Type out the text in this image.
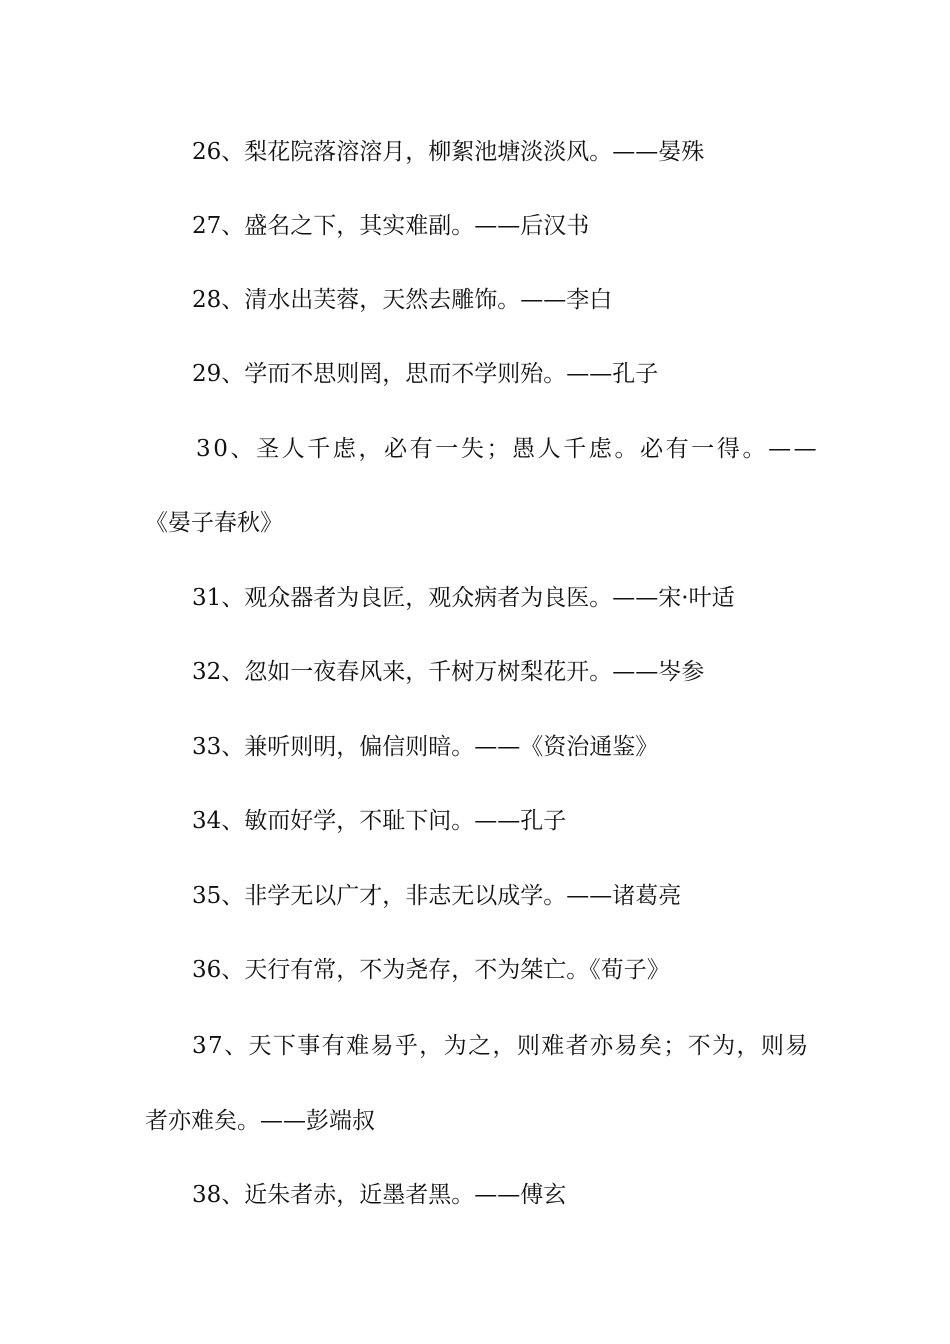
26、梨花院落溶溶月，柳絮池塘淡淡风。——晏殊
27、盛名之下，其实难副。——后汉书
28、清水出芙蓉，天然去雕饰。——李白
29、学而不思则罔，思而不学则殆。——孔子
30、圣人千虑，必有一失；愚人千虑。必有一得。——
《晏子春秋》
31、观众器者为良匠，观众病者为良医。——宋·叶适
32、忽如一夜春风来，千树万树梨花开。——岑参
33、兼听则明，偏信则暗。——《资治通鉴》
34、敏而好学，不耻下问。——孔子
35、非学无以广才，非志无以成学。——诸葛亮
36、天行有常，不为尧存，不为桀亡。《荀子》
37、天下事有难易乎，为之，则难者亦易矣；不为，则易
者亦难矣。——彭端叔
38、近朱者赤，近墨者黑。——傅玄
